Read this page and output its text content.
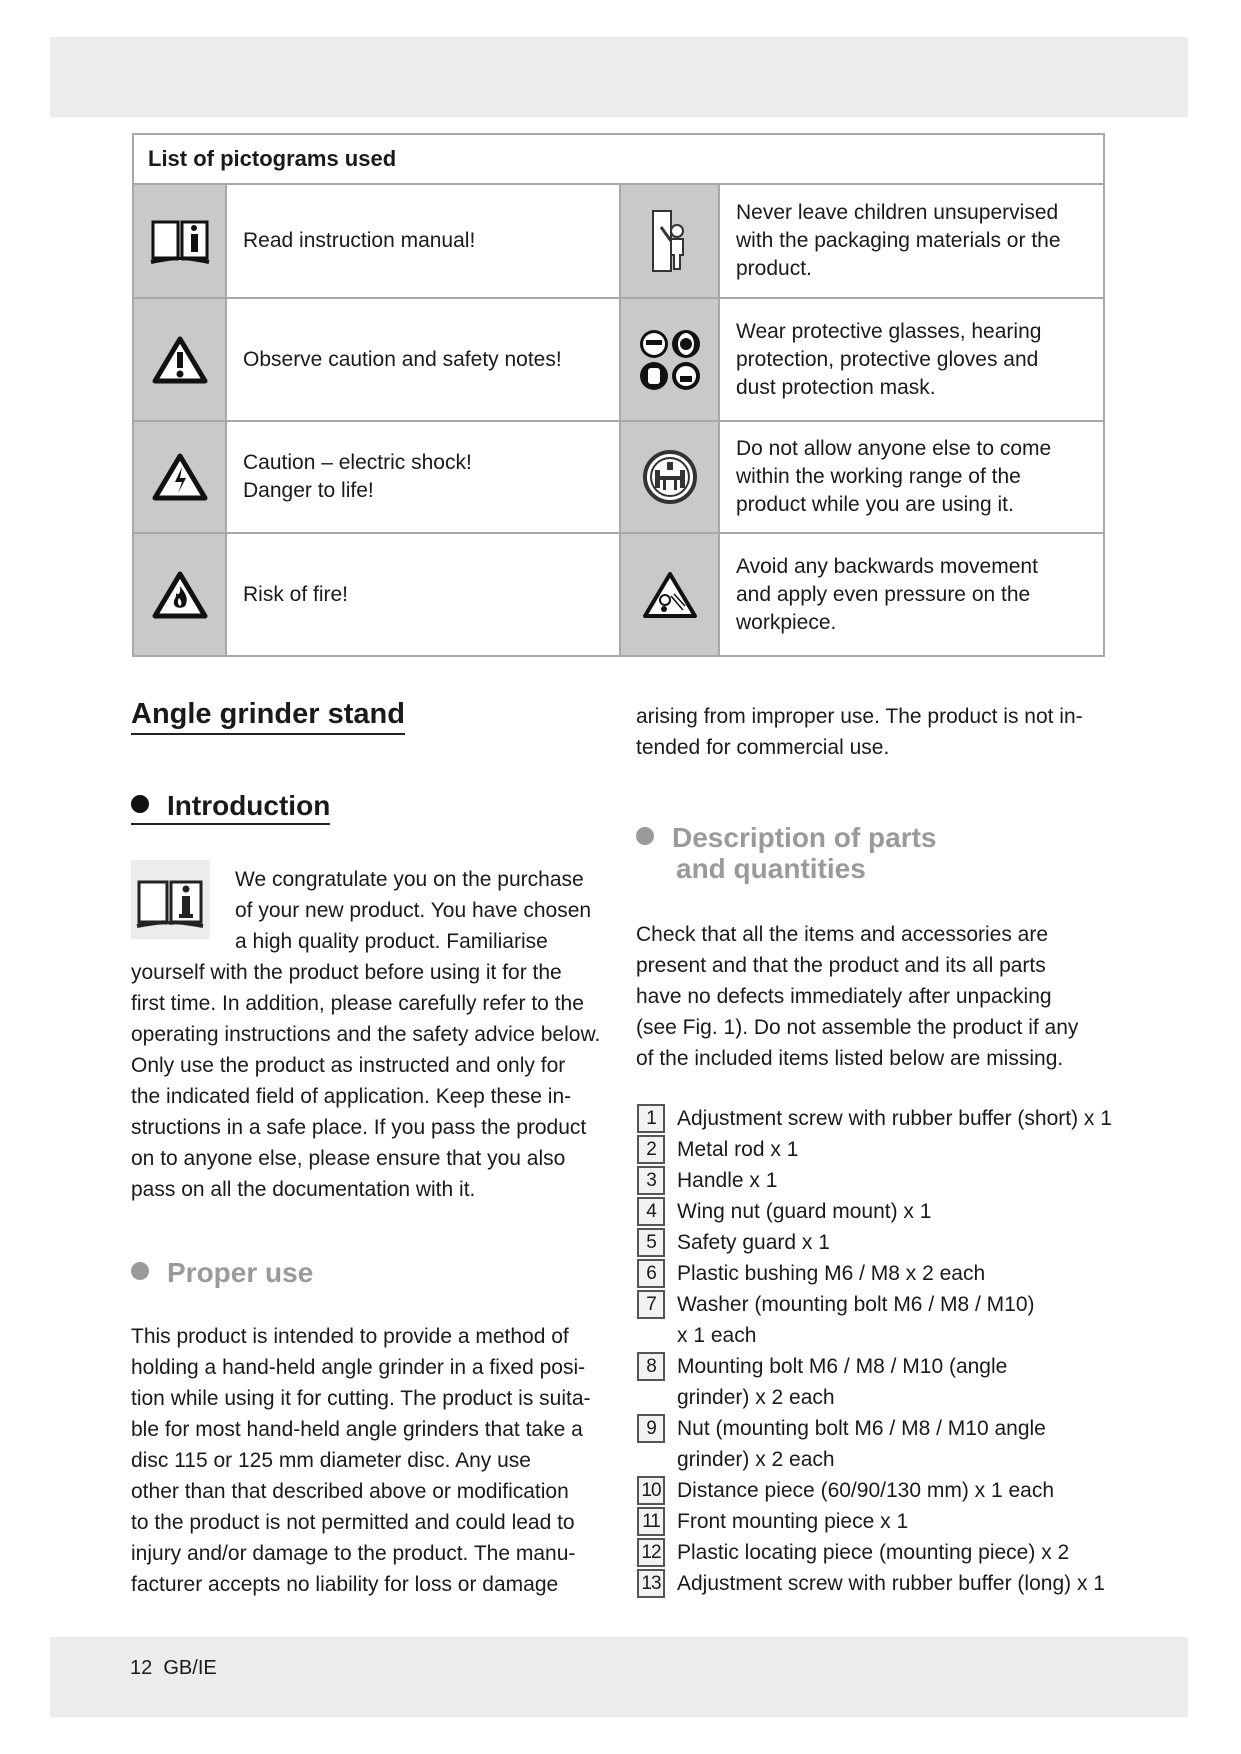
List of pictograms used			

Read instruction manual!		Never leave children unsupervised
with the packaging materials or the
product.

Observe caution and safety notes!		Wear protective glasses, hearing
protection, protective gloves and
dust protection mask.

Caution – electric shock!
Danger to life!		Do not allow anyone else to come
within the working range of the
product while you are using it.

Risk of fire!		Avoid any backwards movement
and apply even pressure on the
workpiece.
Angle grinder stand
Introduction
We congratulate you on the purchase
of your new product. You have chosen
a high quality product. Familiarise
yourself with the product before using it for the
first time. In addition, please carefully refer to the
operating instructions and the safety advice below.
Only use the product as instructed and only for
the indicated field of application. Keep these in-
structions in a safe place. If you pass the product
on to anyone else, please ensure that you also
pass on all the documentation with it.
Proper use
This product is intended to provide a method of
holding a hand-held angle grinder in a fixed posi-
tion while using it for cutting. The product is suita-
ble for most hand-held angle grinders that take a
disc 115 or 125 mm diameter disc. Any use
other than that described above or modification
to the product is not permitted and could lead to
injury and/or damage to the product. The manu-
facturer accepts no liability for loss or damage
arising from improper use. The product is not in-
tended for commercial use.
Description of parts
and quantities
Check that all the items and accessories are
present and that the product and its all parts
have no defects immediately after unpacking
(see Fig. 1). Do not assemble the product if any
of the included items listed below are missing.
1	Adjustment screw with rubber buffer (short) x 1
2	Metal rod x 1
3	Handle x 1
4	Wing nut (guard mount) x 1
5	Safety guard x 1
6	Plastic bushing M6 / M8 x 2 each
7	Washer (mounting bolt M6 / M8 / M10)
x 1 each
8	Mounting bolt M6 / M8 / M10 (angle
grinder) x 2 each
9	Nut (mounting bolt M6 / M8 / M10 angle
grinder) x 2 each
10 Distance piece (60/90/130 mm) x 1 each
11 Front mounting piece x 1
12 Plastic locating piece (mounting piece) x 2
13 Adjustment screw with rubber buffer (long) x 1
12  GB/IE
